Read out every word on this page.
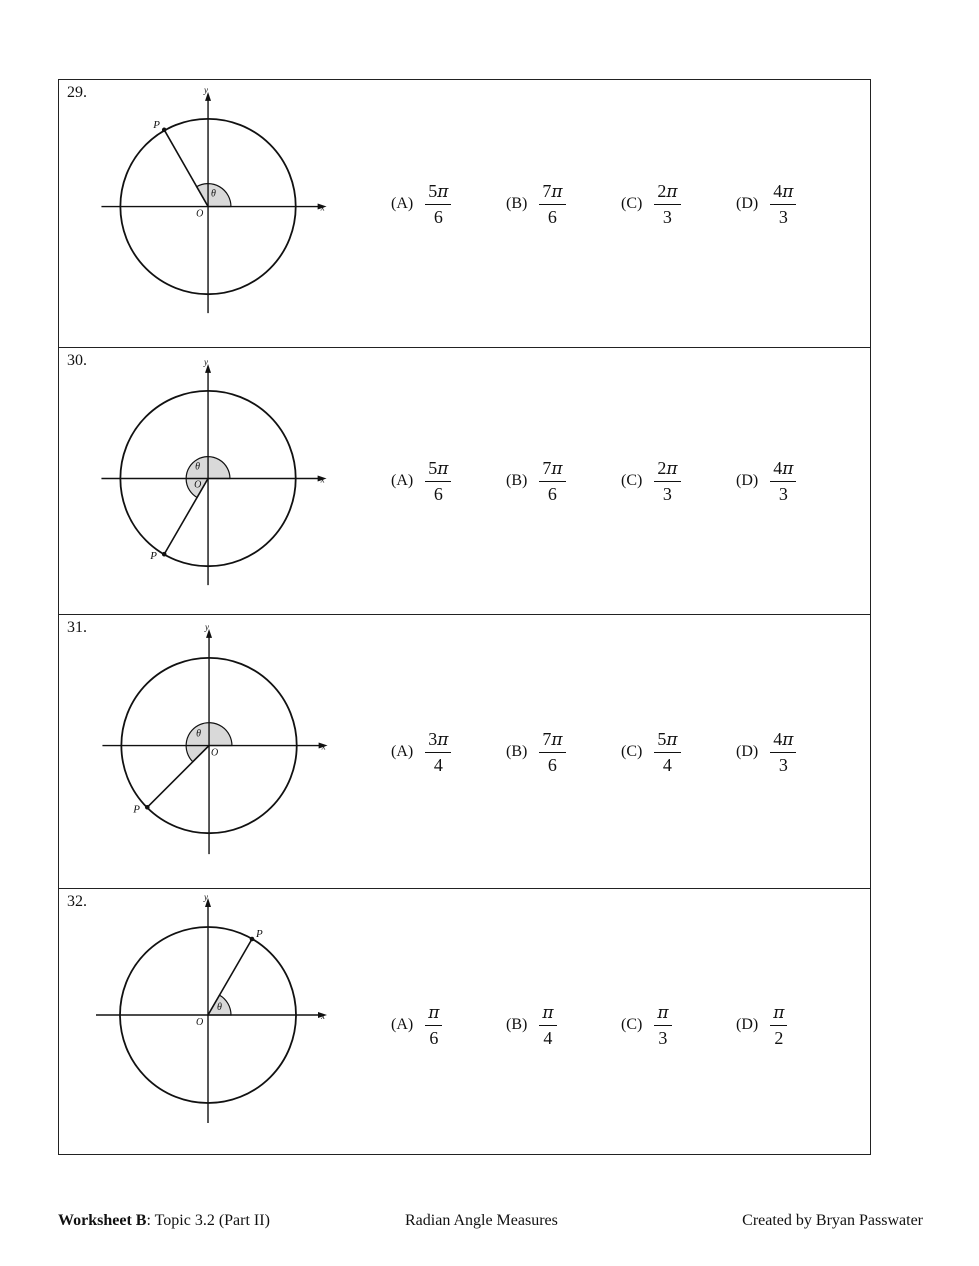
29.
P
θ
O
x
y
$(A) \frac{5\pi}{6}$	$(B) \frac{7\pi}{6}$	$(C) \frac{2\pi}{3}$	$(D) \frac{4\pi}{3}$
30.
P
θ
O	x
y
$(A) \frac{5\pi}{6}$	$(B) \frac{7\pi}{6}$	$(C) \frac{2\pi}{3}$	$(D) \frac{4\pi}{3}$
31.
P
θ
O
x
y
$(A) \frac{3\pi}{4}$	$(B) \frac{7\pi}{6}$	$(C) \frac{5\pi}{4}$	$(D) \frac{4\pi}{3}$
32.
P
θ
O
x
y
$(A) \frac{\pi}{6}$	$(B) \frac{\pi}{4}$	$(C) \frac{\pi}{3}$	$(D) \frac{\pi}{2}$
Worksheet B: Topic 3.2 (Part II)	Radian Angle Measures	Created by Bryan Passwater
